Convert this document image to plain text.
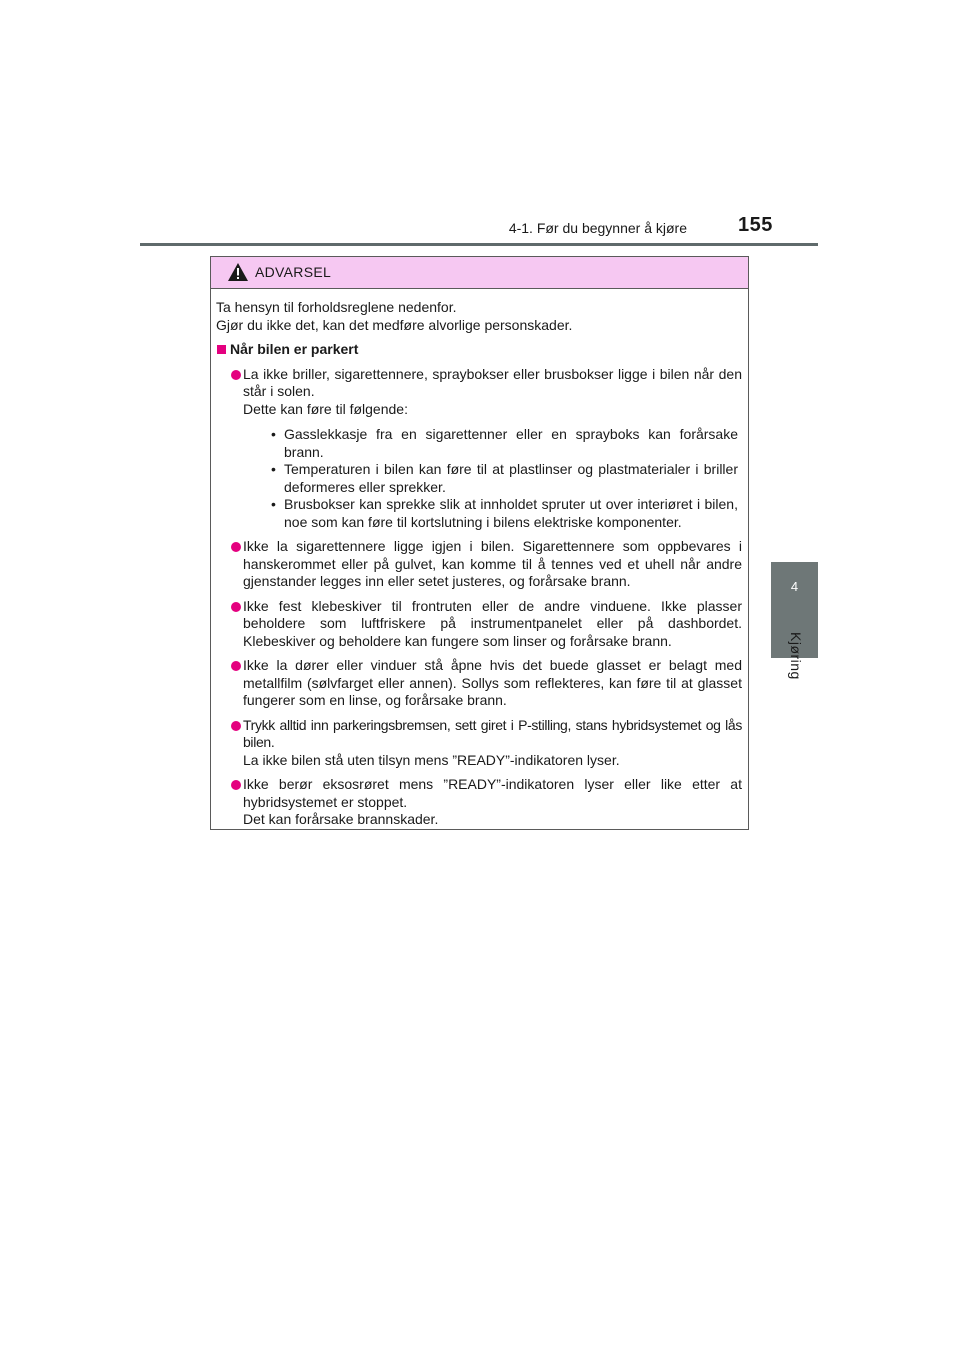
4-1. Før du begynner å kjøre	155
4
Kjøring
ADVARSEL

Ta hensyn til forholdsreglene nedenfor.

Gjør du ikke det, kan det medføre alvorlige personskader.

Når bilen er parkert

La ikke briller, sigarettennere, spraybokser eller brusbokser ligge i bilen når den står i solen.

Dette kan føre til følgende:

• Gasslekkasje fra en sigarettenner eller en sprayboks kan forårsake brann.
• Temperaturen i bilen kan føre til at plastlinser og plastmaterialer i briller deformeres eller sprekker.
• Brusbokser kan sprekke slik at innholdet spruter ut over interiøret i bilen, noe som kan føre til kortslutning i bilens elektriske komponenter.

Ikke la sigarettennere ligge igjen i bilen. Sigarettennere som oppbevares i hanskerommet eller på gulvet, kan komme til å tennes ved et uhell når andre gjenstander legges inn eller setet justeres, og forårsake brann.

Ikke fest klebeskiver til frontruten eller de andre vinduene. Ikke plasser beholdere som luftfriskere på instrumentpanelet eller på dashbordet. Klebeskiver og beholdere kan fungere som linser og forårsake brann.

Ikke la dører eller vinduer stå åpne hvis det buede glasset er belagt med metallfilm (sølvfarget eller annen). Sollys som reflekteres, kan føre til at glasset fungerer som en linse, og forårsake brann.

Trykk alltid inn parkeringsbremsen, sett giret i P-stilling, stans hybridsystemet og lås bilen.

La ikke bilen stå uten tilsyn mens ”READY”-indikatoren lyser.

Ikke berør eksosrøret mens ”READY”-indikatoren lyser eller like etter at hybridsystemet er stoppet.

Det kan forårsake brannskader.
